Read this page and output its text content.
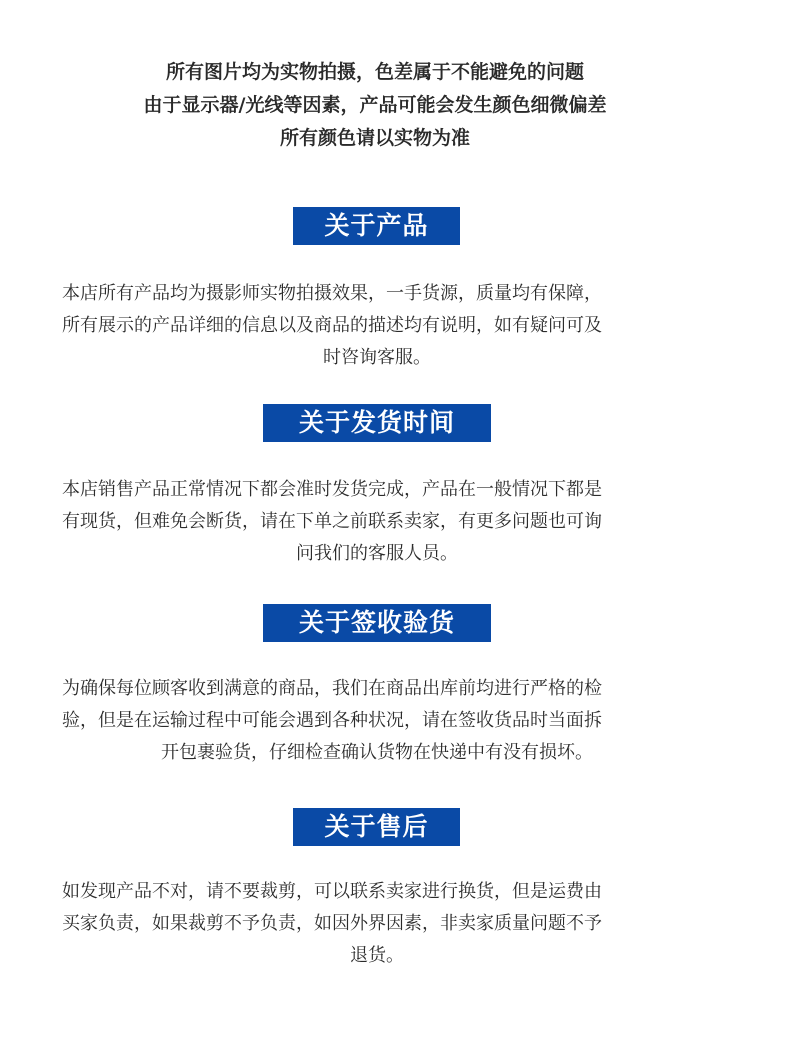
所有图片均为实物拍摄，色差属于不能避免的问题
由于显示器/光线等因素，产品可能会发生颜色细微偏差
所有颜色请以实物为准
关于产品
本店所有产品均为摄影师实物拍摄效果，一手货源，质量均有保障，
所有展示的产品详细的信息以及商品的描述均有说明，如有疑问可及
时咨询客服。
关于发货时间
本店销售产品正常情况下都会准时发货完成，产品在一般情况下都是
有现货，但难免会断货，请在下单之前联系卖家，有更多问题也可询
问我们的客服人员。
关于签收验货
为确保每位顾客收到满意的商品，我们在商品出库前均进行严格的检
验，但是在运输过程中可能会遇到各种状况，请在签收货品时当面拆
开包裹验货，仔细检查确认货物在快递中有没有损坏。
关于售后
如发现产品不对，请不要裁剪，可以联系卖家进行换货，但是运费由
买家负责，如果裁剪不予负责，如因外界因素，非卖家质量问题不予
退货。
